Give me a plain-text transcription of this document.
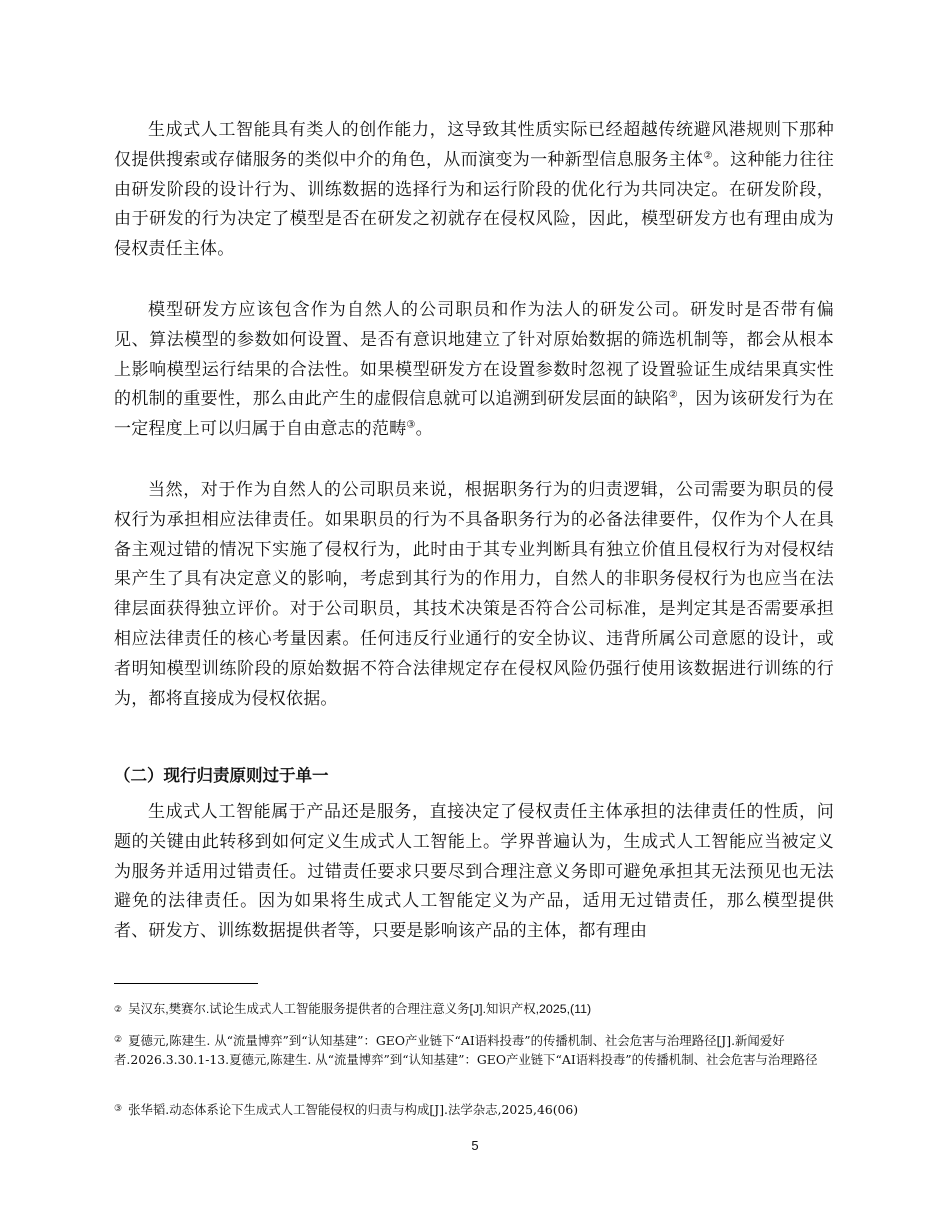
生成式人工智能具有类人的创作能力，这导致其性质实际已经超越传统避风港规则下那种仅提供搜索或存储服务的类似中介的角色，从而演变为一种新型信息服务主体②。这种能力往往由研发阶段的设计行为、训练数据的选择行为和运行阶段的优化行为共同决定。在研发阶段，由于研发的行为决定了模型是否在研发之初就存在侵权风险，因此，模型研发方也有理由成为侵权责任主体。

模型研发方应该包含作为自然人的公司职员和作为法人的研发公司。研发时是否带有偏见、算法模型的参数如何设置、是否有意识地建立了针对原始数据的筛选机制等，都会从根本上影响模型运行结果的合法性。如果模型研发方在设置参数时忽视了设置验证生成结果真实性的机制的重要性，那么由此产生的虚假信息就可以追溯到研发层面的缺陷②，因为该研发行为在一定程度上可以归属于自由意志的范畴③。

当然，对于作为自然人的公司职员来说，根据职务行为的归责逻辑，公司需要为职员的侵权行为承担相应法律责任。如果职员的行为不具备职务行为的必备法律要件，仅作为个人在具备主观过错的情况下实施了侵权行为，此时由于其专业判断具有独立价值且侵权行为对侵权结果产生了具有决定意义的影响，考虑到其行为的作用力，自然人的非职务侵权行为也应当在法律层面获得独立评价。对于公司职员，其技术决策是否符合公司标准，是判定其是否需要承担相应法律责任的核心考量因素。任何违反行业通行的安全协议、违背所属公司意愿的设计，或者明知模型训练阶段的原始数据不符合法律规定存在侵权风险仍强行使用该数据进行训练的行为，都将直接成为侵权依据。

（二）现行归责原则过于单一

生成式人工智能属于产品还是服务，直接决定了侵权责任主体承担的法律责任的性质，问题的关键由此转移到如何定义生成式人工智能上。学界普遍认为，生成式人工智能应当被定义为服务并适用过错责任。过错责任要求只要尽到合理注意义务即可避免承担其无法预见也无法避免的法律责任。因为如果将生成式人工智能定义为产品，适用无过错责任，那么模型提供者、研发方、训练数据提供者等，只要是影响该产品的主体，都有理由

② 吴汉东,樊赛尔.试论生成式人工智能服务提供者的合理注意义务[J].知识产权,2025,(11)

② 夏德元,陈建生. 从“流量博弈”到“认知基建”：GEO产业链下“AI语料投毒”的传播机制、社会危害与治理路径[J].新闻爱好者.2026.3.30.1-13.夏德元,陈建生. 从“流量博弈”到“认知基建”：GEO产业链下“AI语料投毒”的传播机制、社会危害与治理路径

③ 张华韬.动态体系论下生成式人工智能侵权的归责与构成[J].法学杂志,2025,46(06)

5
